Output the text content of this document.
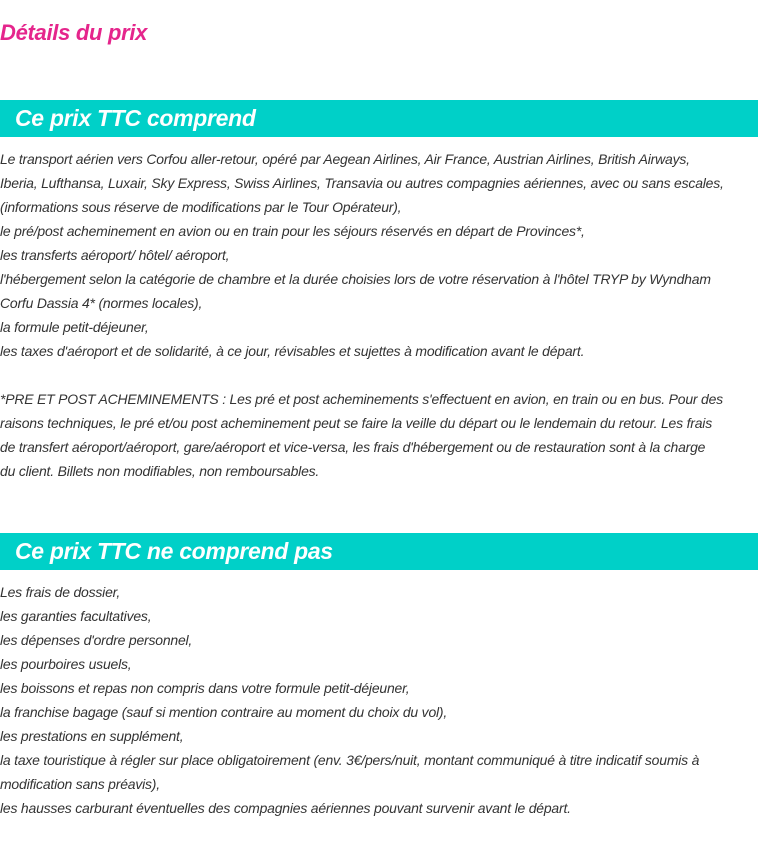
Détails du prix
Ce prix TTC comprend
Le transport aérien vers Corfou aller-retour, opéré par Aegean Airlines, Air France, Austrian Airlines, British Airways,
Iberia, Lufthansa, Luxair, Sky Express, Swiss Airlines, Transavia ou autres compagnies aériennes, avec ou sans escales,
(informations sous réserve de modifications par le Tour Opérateur),
le pré/post acheminement en avion ou en train pour les séjours réservés en départ de Provinces*,
les transferts aéroport/ hôtel/ aéroport,
l'hébergement selon la catégorie de chambre et la durée choisies lors de votre réservation à l'hôtel TRYP by Wyndham
Corfu Dassia 4* (normes locales),
la formule petit-déjeuner,
les taxes d'aéroport et de solidarité, à ce jour, révisables et sujettes à modification avant le départ.
*PRE ET POST ACHEMINEMENTS : Les pré et post acheminements s'effectuent en avion, en train ou en bus. Pour des
raisons techniques, le pré et/ou post acheminement peut se faire la veille du départ ou le lendemain du retour. Les frais
de transfert aéroport/aéroport, gare/aéroport et vice-versa, les frais d'hébergement ou de restauration sont à la charge
du client. Billets non modifiables, non remboursables.
Ce prix TTC ne comprend pas
Les frais de dossier,
les garanties facultatives,
les dépenses d'ordre personnel,
les pourboires usuels,
les boissons et repas non compris dans votre formule petit-déjeuner,
la franchise bagage (sauf si mention contraire au moment du choix du vol),
les prestations en supplément,
la taxe touristique à régler sur place obligatoirement (env. 3€/pers/nuit, montant communiqué à titre indicatif soumis à
modification sans préavis),
les hausses carburant éventuelles des compagnies aériennes pouvant survenir avant le départ.
